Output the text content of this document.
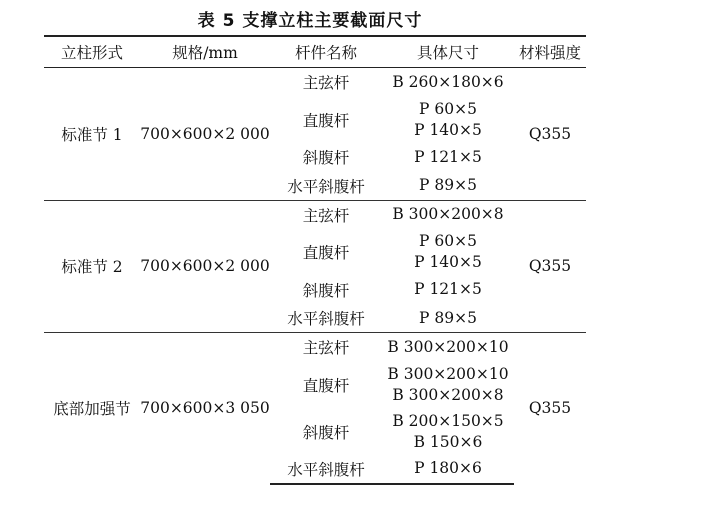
表 5 支撑立柱主要截面尺寸
立柱形式	规格/mm	杆件名称	具体尺寸	材料强度
标准节 1	700×600×2 000	主弦杆	B 260×180×6	Q355
		直腹杆	P 60×5
P 140×5	

		斜腹杆	P 121×5	

		水平斜腹杆	P 89×5	

标准节 2	700×600×2 000	主弦杆	B 300×200×8	Q355
		直腹杆	P 60×5
P 140×5	

		斜腹杆	P 121×5	

		水平斜腹杆	P 89×5	

底部加强节	700×600×3 050	主弦杆	B 300×200×10	Q355
		直腹杆	B 300×200×10
B 300×200×8	

		斜腹杆	B 200×150×5
B 150×6	

		水平斜腹杆	P 180×6	
